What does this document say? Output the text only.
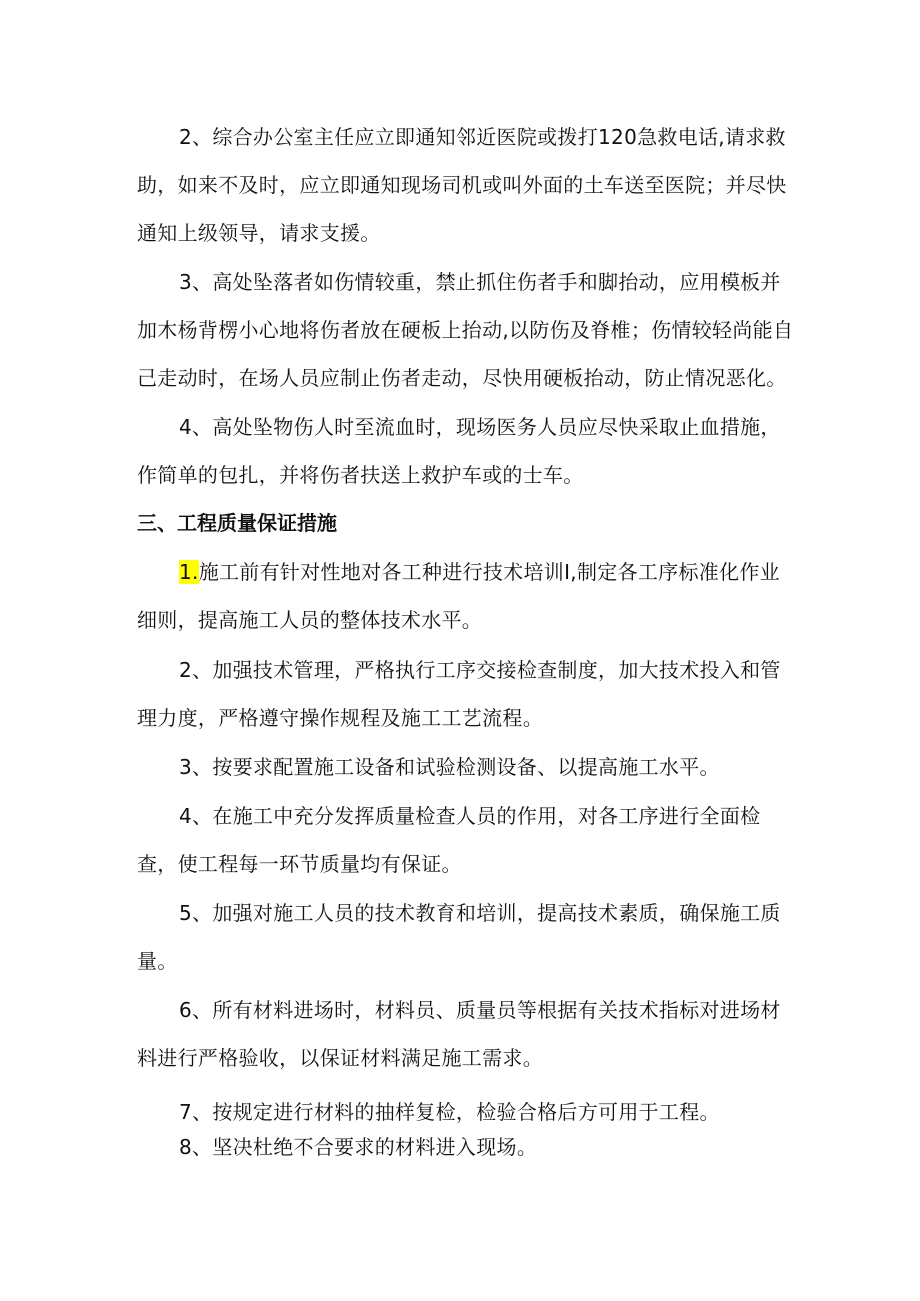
2、综合办公室主任应立即通知邻近医院或拨打120急救电话,请求救助，如来不及时，应立即通知现场司机或叫外面的土车送至医院；并尽快通知上级领导，请求支援。

3、高处坠落者如伤情较重，禁止抓住伤者手和脚抬动，应用模板并加木杨背楞小心地将伤者放在硬板上抬动,以防伤及脊椎；伤情较轻尚能自己走动时，在场人员应制止伤者走动，尽快用硬板抬动，防止情况恶化。

4、高处坠物伤人时至流血时，现场医务人员应尽快采取止血措施，作简单的包扎，并将伤者扶送上救护车或的士车。

三、工程质量保证措施

1.施工前有针对性地对各工种进行技术培训I,制定各工序标准化作业细则，提高施工人员的整体技术水平。

2、加强技术管理，严格执行工序交接检查制度，加大技术投入和管理力度，严格遵守操作规程及施工工艺流程。

3、按要求配置施工设备和试验检测设备、以提高施工水平。

4、在施工中充分发挥质量检查人员的作用，对各工序进行全面检查，使工程每一环节质量均有保证。

5、加强对施工人员的技术教育和培训，提高技术素质，确保施工质量。

6、所有材料进场时，材料员、质量员等根据有关技术指标对进场材料进行严格验收，以保证材料满足施工需求。

7、按规定进行材料的抽样复检，检验合格后方可用于工程。

8、坚决杜绝不合要求的材料进入现场。
